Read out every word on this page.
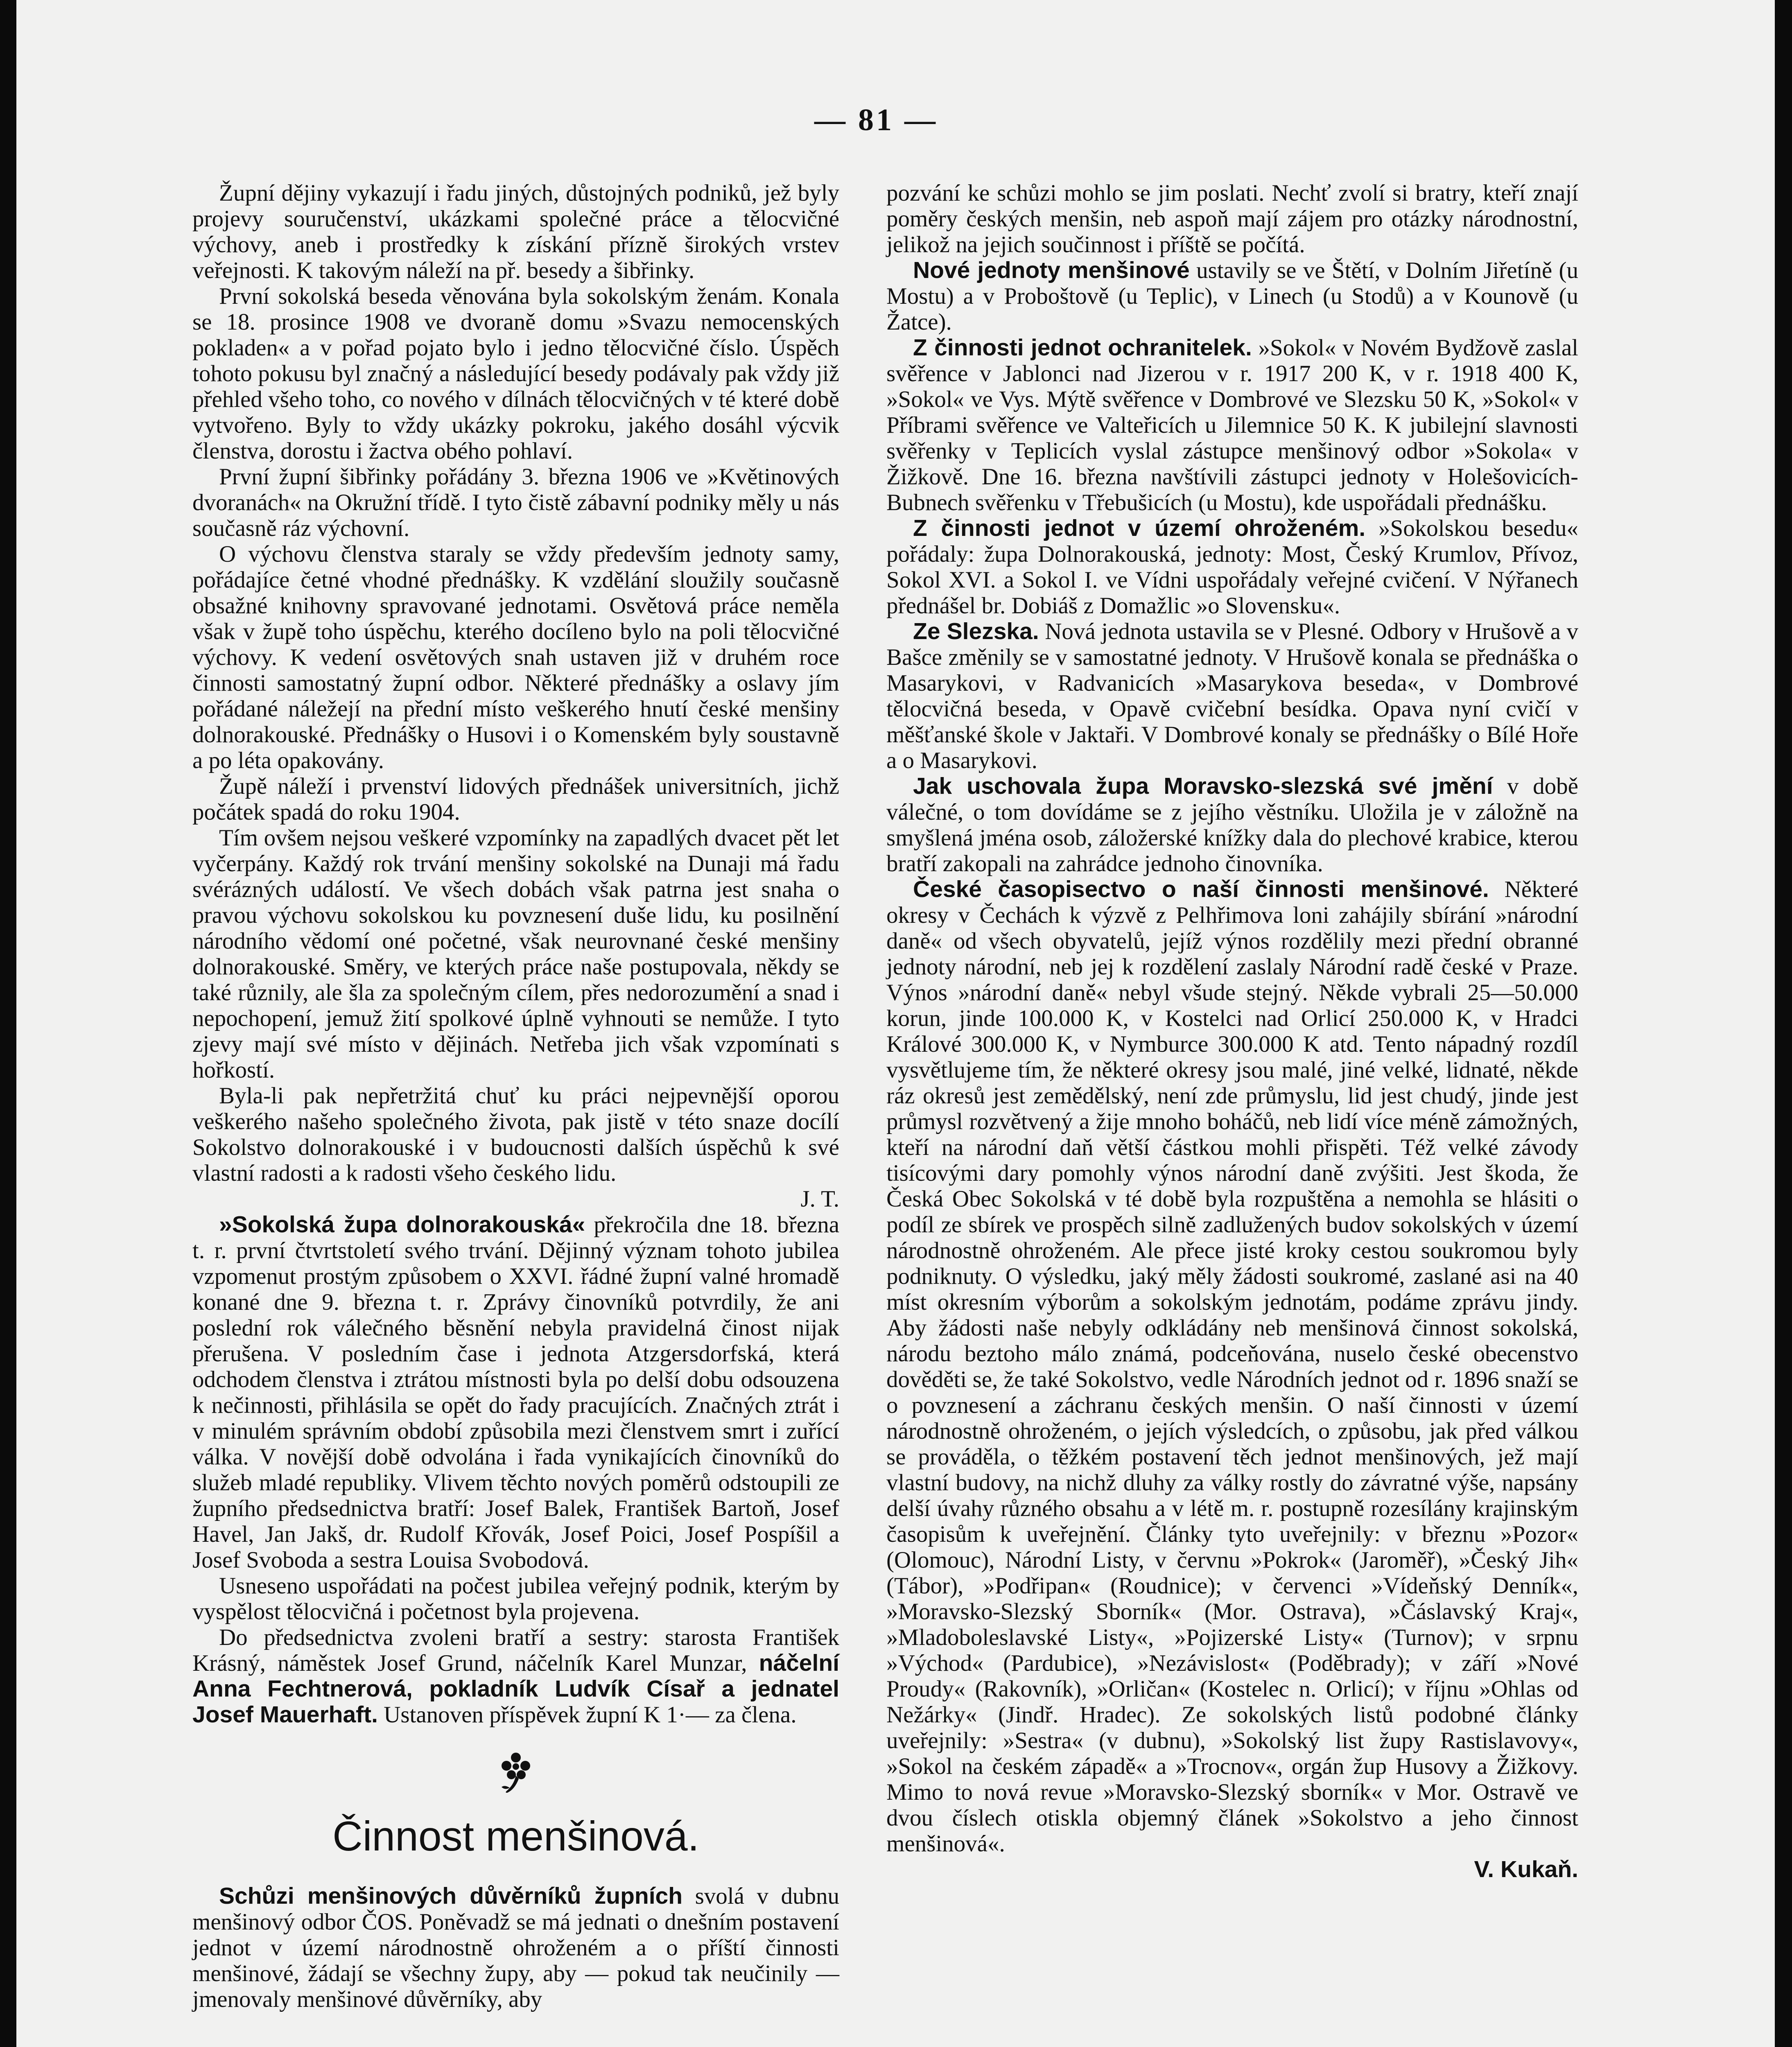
— 81 —

Župní dějiny vykazují i řadu jiných, důstojných podniků, jež byly projevy souručenství, ukázkami společné práce a tělocvičné výchovy, aneb i prostředky k získání přízně širokých vrstev veřejnosti. K takovým náleží na př. besedy a šibřinky.

První sokolská beseda věnována byla sokolským ženám. Konala se 18. prosince 1908 ve dvoraně domu »Svazu nemocenských pokladen« a v pořad pojato bylo i jedno tělocvičné číslo. Úspěch tohoto pokusu byl značný a následující besedy podávaly pak vždy již přehled všeho toho, co nového v dílnách tělocvičných v té které době vytvořeno. Byly to vždy ukázky pokroku, jakého dosáhl výcvik členstva, dorostu i žactva obého pohlaví.

První župní šibřinky pořádány 3. března 1906 ve »Květinových dvoranách« na Okružní třídě. I tyto čistě zábavní podniky měly u nás současně ráz výchovní.

O výchovu členstva staraly se vždy především jednoty samy, pořádajíce četné vhodné přednášky. K vzdělání sloužily současně obsažné knihovny spravované jednotami. Osvětová práce neměla však v župě toho úspěchu, kterého docíleno bylo na poli tělocvičné výchovy. K vedení osvětových snah ustaven již v druhém roce činnosti samostatný župní odbor. Některé přednášky a oslavy jím pořádané náležejí na přední místo veškerého hnutí české menšiny dolnorakouské. Přednášky o Husovi i o Komenském byly soustavně a po léta opakovány.

Župě náleží i prvenství lidových přednášek universitních, jichž počátek spadá do roku 1904.

Tím ovšem nejsou veškeré vzpomínky na zapadlých dvacet pět let vyčerpány. Každý rok trvání menšiny sokolské na Dunaji má řadu svérázných událostí. Ve všech dobách však patrna jest snaha o pravou výchovu sokolskou ku povznesení duše lidu, ku posilnění národního vědomí oné početné, však neurovnané české menšiny dolnorakouské. Směry, ve kterých práce naše postupovala, někdy se také různily, ale šla za společným cílem, přes nedorozumění a snad i nepochopení, jemuž žití spolkové úplně vyhnouti se nemůže. I tyto zjevy mají své místo v dějinách. Netřeba jich však vzpomínati s hořkostí.

Byla-li pak nepřetržitá chuť ku práci nejpevnější oporou veškerého našeho společného života, pak jistě v této snaze docílí Sokolstvo dolnorakouské i v budoucnosti dalších úspěchů k své vlastní radosti a k radosti všeho českého lidu.

J. T.

»Sokolská župa dolnorakouská« překročila dne 18. března t. r. první čtvrtstoletí svého trvání. Dějinný význam tohoto jubilea vzpomenut prostým způsobem o XXVI. řádné župní valné hromadě konané dne 9. března t. r. Zprávy činovníků potvrdily, že ani poslední rok válečného běsnění nebyla pravidelná činost nijak přerušena. V posledním čase i jednota Atzgersdorfská, která odchodem členstva i ztrátou místnosti byla po delší dobu odsouzena k nečinnosti, přihlásila se opět do řady pracujících. Značných ztrát i v minulém správním období způsobila mezi členstvem smrt i zuřící válka. V novější době odvolána i řada vynikajících činovníků do služeb mladé republiky. Vlivem těchto nových poměrů odstoupili ze župního předsednictva bratří: Josef Balek, František Bartoň, Josef Havel, Jan Jakš, dr. Rudolf Křovák, Josef Poici, Josef Pospíšil a Josef Svoboda a sestra Louisa Svobodová.

Usneseno uspořádati na počest jubilea veřejný podnik, kterým by vyspělost tělocvičná i početnost byla projevena.

Do předsednictva zvoleni bratří a sestry: starosta František Krásný, náměstek Josef Grund, náčelník Karel Munzar, náčelní Anna Fechtnerová, pokladník Ludvík Císař a jednatel Josef Mauerhaft. Ustanoven příspěvek župní K 1·— za člena.

Činnost menšinová.

Schůzi menšinových důvěrníků župních svolá v dubnu menšinový odbor ČOS. Poněvadž se má jednati o dnešním postavení jednot v území národnostně ohroženém a o příští činnosti menšinové, žádají se všechny župy, aby — pokud tak neučinily — jmenovaly menšinové důvěrníky, aby

pozvání ke schůzi mohlo se jim poslati. Nechť zvolí si bratry, kteří znají poměry českých menšin, neb aspoň mají zájem pro otázky národnostní, jelikož na jejich součinnost i příště se počítá.

Nové jednoty menšinové ustavily se ve Štětí, v Dolním Jiřetíně (u Mostu) a v Proboštově (u Teplic), v Linech (u Stodů) a v Kounově (u Žatce).

Z činnosti jednot ochranitelek. »Sokol« v Novém Bydžově zaslal svěřence v Jablonci nad Jizerou v r. 1917 200 K, v r. 1918 400 K, »Sokol« ve Vys. Mýtě svěřence v Dombrové ve Slezsku 50 K, »Sokol« v Příbrami svěřence ve Valteřicích u Jilemnice 50 K. K jubilejní slavnosti svěřenky v Teplicích vyslal zástupce menšinový odbor »Sokola« v Žižkově. Dne 16. března navštívili zástupci jednoty v Holešovicích-Bubnech svěřenku v Třebušicích (u Mostu), kde uspořádali přednášku.

Z činnosti jednot v území ohroženém. »Sokolskou besedu« pořádaly: župa Dolnorakouská, jednoty: Most, Český Krumlov, Přívoz, Sokol XVI. a Sokol I. ve Vídni uspořádaly veřejné cvičení. V Nýřanech přednášel br. Dobiáš z Domažlic »o Slovensku«.

Ze Slezska. Nová jednota ustavila se v Plesné. Odbory v Hrušově a v Bašce změnily se v samostatné jednoty. V Hrušově konala se přednáška o Masarykovi, v Radvanicích »Masarykova beseda«, v Dombrové tělocvičná beseda, v Opavě cvičební besídka. Opava nyní cvičí v měšťanské škole v Jaktaři. V Dombrové konaly se přednášky o Bílé Hoře a o Masarykovi.

Jak uschovala župa Moravsko-slezská své jmění v době válečné, o tom dovídáme se z jejího věstníku. Uložila je v záložně na smyšlená jména osob, záložerské knížky dala do plechové krabice, kterou bratří zakopali na zahrádce jednoho činovníka.

České časopisectvo o naší činnosti menšinové. Některé okresy v Čechách k výzvě z Pelhřimova loni zahájily sbírání »národní daně« od všech obyvatelů, jejíž výnos rozdělily mezi přední obranné jednoty národní, neb jej k rozdělení zaslaly Národní radě české v Praze. Výnos »národní daně« nebyl všude stejný. Někde vybrali 25—50.000 korun, jinde 100.000 K, v Kostelci nad Orlicí 250.000 K, v Hradci Králové 300.000 K, v Nymburce 300.000 K atd. Tento nápadný rozdíl vysvětlujeme tím, že některé okresy jsou malé, jiné velké, lidnaté, někde ráz okresů jest zemědělský, není zde průmyslu, lid jest chudý, jinde jest průmysl rozvětvený a žije mnoho boháčů, neb lidí více méně zámožných, kteří na národní daň větší částkou mohli přispěti. Též velké závody tisícovými dary pomohly výnos národní daně zvýšiti. Jest škoda, že Česká Obec Sokolská v té době byla rozpuštěna a nemohla se hlásiti o podíl ze sbírek ve prospěch silně zadlužených budov sokolských v území národnostně ohroženém. Ale přece jisté kroky cestou soukromou byly podniknuty. O výsledku, jaký měly žádosti soukromé, zaslané asi na 40 míst okresním výborům a sokolským jednotám, podáme zprávu jindy. Aby žádosti naše nebyly odkládány neb menšinová činnost sokolská, národu beztoho málo známá, podceňována, nuselo české obecenstvo dověděti se, že také Sokolstvo, vedle Národních jednot od r. 1896 snaží se o povznesení a záchranu českých menšin. O naší činnosti v území národnostně ohroženém, o jejích výsledcích, o způsobu, jak před válkou se prováděla, o těžkém postavení těch jednot menšinových, jež mají vlastní budovy, na nichž dluhy za války rostly do závratné výše, napsány delší úvahy různého obsahu a v létě m. r. postupně rozesílány krajinským časopisům k uveřejnění. Články tyto uveřejnily: v březnu »Pozor« (Olomouc), Národní Listy, v červnu »Pokrok« (Jaroměř), »Český Jih« (Tábor), »Podřipan« (Roudnice); v červenci »Vídeňský Denník«, »Moravsko-Slezský Sborník« (Mor. Ostrava), »Čáslavský Kraj«, »Mladoboleslavské Listy«, »Pojizerské Listy« (Turnov); v srpnu »Východ« (Pardubice), »Nezávislost« (Poděbrady); v září »Nové Proudy« (Rakovník), »Orličan« (Kostelec n. Orlicí); v říjnu »Ohlas od Nežárky« (Jindř. Hradec). Ze sokolských listů podobné články uveřejnily: »Sestra« (v dubnu), »Sokolský list župy Rastislavovy«, »Sokol na českém západě« a »Trocnov«, orgán žup Husovy a Žižkovy. Mimo to nová revue »Moravsko-Slezský sborník« v Mor. Ostravě ve dvou číslech otiskla objemný článek »Sokolstvo a jeho činnost menšinová«.

V. Kukaň.
